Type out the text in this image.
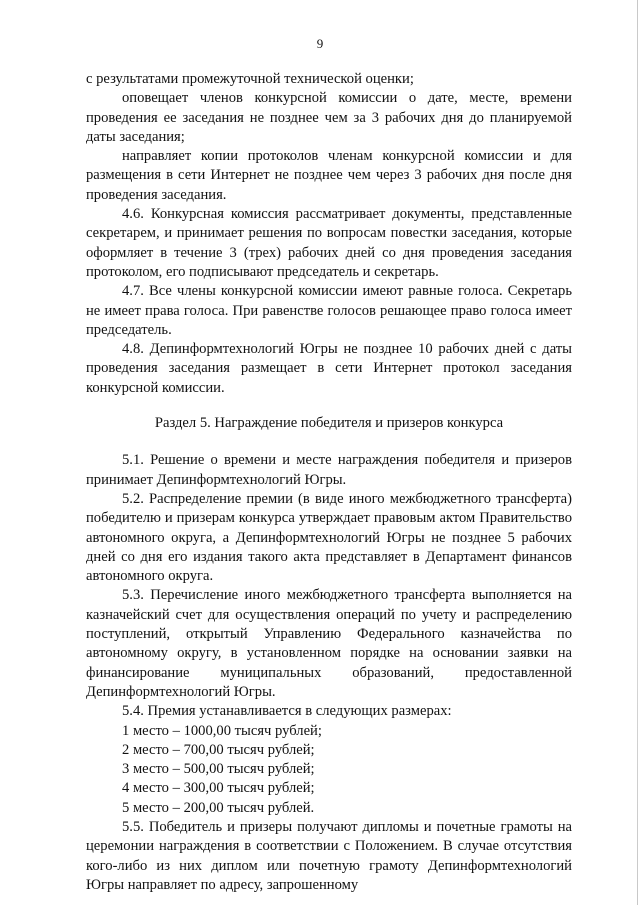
9

с результатами промежуточной технической оценки;

оповещает членов конкурсной комиссии о дате, месте, времени проведения ее заседания не позднее чем за 3 рабочих дня до планируемой даты заседания;

направляет копии протоколов членам конкурсной комиссии и для размещения в сети Интернет не позднее чем через 3 рабочих дня после дня проведения заседания.

4.6. Конкурсная комиссия рассматривает документы, представленные секретарем, и принимает решения по вопросам повестки заседания, которые оформляет в течение 3 (трех) рабочих дней со дня проведения заседания протоколом, его подписывают председатель и секретарь.

4.7. Все члены конкурсной комиссии имеют равные голоса. Секретарь не имеет права голоса. При равенстве голосов решающее право голоса имеет председатель.

4.8. Депинформтехнологий Югры не позднее 10 рабочих дней с даты проведения заседания размещает в сети Интернет протокол заседания конкурсной комиссии.

Раздел 5. Награждение победителя и призеров конкурса

5.1. Решение о времени и месте награждения победителя и призеров принимает Депинформтехнологий Югры.

5.2. Распределение премии (в виде иного межбюджетного трансферта) победителю и призерам конкурса утверждает правовым актом Правительство автономного округа, а Депинформтехнологий Югры не позднее 5 рабочих дней со дня его издания такого акта представляет в Департамент финансов автономного округа.

5.3. Перечисление иного межбюджетного трансферта выполняется на казначейский счет для осуществления операций по учету и распределению поступлений, открытый Управлению Федерального казначейства по автономному округу, в установленном порядке на основании заявки на финансирование муниципальных образований, предоставленной Депинформтехнологий Югры.

5.4. Премия устанавливается в следующих размерах:

1 место – 1000,00 тысяч рублей;

2 место – 700,00 тысяч рублей;

3 место – 500,00 тысяч рублей;

4 место – 300,00 тысяч рублей;

5 место – 200,00 тысяч рублей.

5.5. Победитель и призеры получают дипломы и почетные грамоты на церемонии награждения в соответствии с Положением. В случае отсутствия кого-либо из них диплом или почетную грамоту Депинформтехнологий Югры направляет по адресу, запрошенному
